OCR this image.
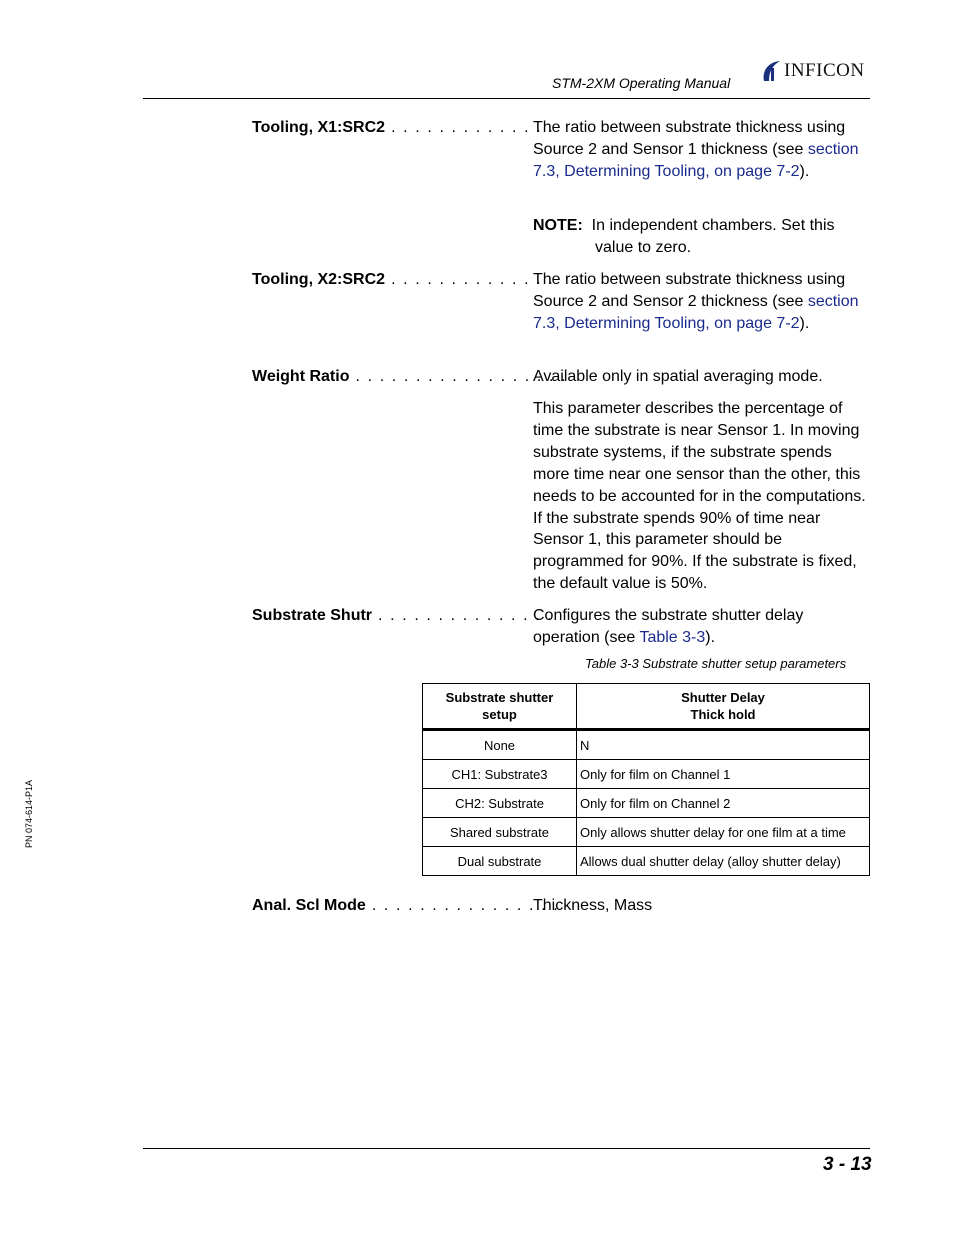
STM-2XM Operating Manual
INFICON
Tooling, X1:SRC2 . . . . . . . . . . . . . .
The ratio between substrate thickness using Source 2 and Sensor 1 thickness (see section 7.3, Determining Tooling, on page 7-2).
NOTE: In independent chambers. Set this
value to zero.
Tooling, X2:SRC2 . . . . . . . . . . . . . .
The ratio between substrate thickness using Source 2 and Sensor 2 thickness (see section 7.3, Determining Tooling, on page 7-2).
Weight Ratio . . . . . . . . . . . . . . . . . .
Available only in spatial averaging mode.
This parameter describes the percentage of time the substrate is near Sensor 1. In moving substrate systems, if the substrate spends more time near one sensor than the other, this needs to be accounted for in the computations. If the substrate spends 90% of time near Sensor 1, this parameter should be programmed for 90%. If the substrate is fixed, the default value is 50%.
Substrate Shutr . . . . . . . . . . . . . . .
Configures the substrate shutter delay operation (see Table 3-3).
Table 3-3 Substrate shutter setup parameters
Substrate shutter
setup	Shutter Delay
Thick hold
None	N
CH1: Substrate3	Only for film on Channel 1
CH2: Substrate	Only for film on Channel 2
Shared substrate	Only allows shutter delay for one film at a time
Dual substrate	Allows dual shutter delay (alloy shutter delay)
Anal. Scl Mode . . . . . . . . . . . . . . . .
Thickness, Mass
PN 074-614-P1A
3 - 13
